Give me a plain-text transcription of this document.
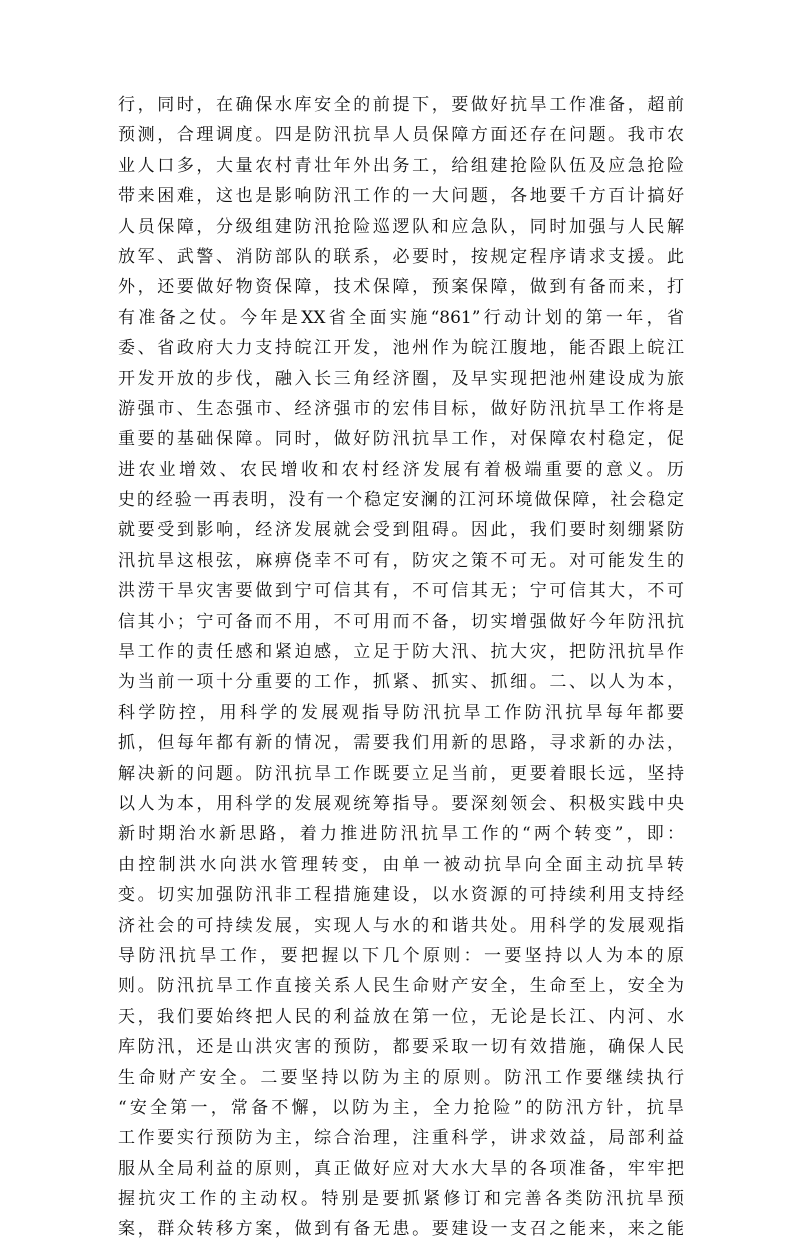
行，同时，在确保水库安全的前提下，要做好抗旱工作准备，超前
预测，合理调度。四是防汛抗旱人员保障方面还存在问题。我市农
业人口多，大量农村青壮年外出务工，给组建抢险队伍及应急抢险
带来困难，这也是影响防汛工作的一大问题，各地要千方百计搞好
人员保障，分级组建防汛抢险巡逻队和应急队，同时加强与人民解
放军、武警、消防部队的联系，必要时，按规定程序请求支援。此
外，还要做好物资保障，技术保障，预案保障，做到有备而来，打
有准备之仗。今年是XX省全面实施“861”行动计划的第一年，省
委、省政府大力支持皖江开发，池州作为皖江腹地，能否跟上皖江
开发开放的步伐，融入长三角经济圈，及早实现把池州建设成为旅
游强市、生态强市、经济强市的宏伟目标，做好防汛抗旱工作将是
重要的基础保障。同时，做好防汛抗旱工作，对保障农村稳定，促
进农业增效、农民增收和农村经济发展有着极端重要的意义。历
史的经验一再表明，没有一个稳定安澜的江河环境做保障，社会稳定
就要受到影响，经济发展就会受到阻碍。因此，我们要时刻绷紧防
汛抗旱这根弦，麻痹侥幸不可有，防灾之策不可无。对可能发生的
洪涝干旱灾害要做到宁可信其有，不可信其无；宁可信其大，不可
信其小；宁可备而不用，不可用而不备，切实增强做好今年防汛抗
旱工作的责任感和紧迫感，立足于防大汛、抗大灾，把防汛抗旱作
为当前一项十分重要的工作，抓紧、抓实、抓细。二、以人为本，
科学防控，用科学的发展观指导防汛抗旱工作防汛抗旱每年都要
抓，但每年都有新的情况，需要我们用新的思路，寻求新的办法，
解决新的问题。防汛抗旱工作既要立足当前，更要着眼长远，坚持
以人为本，用科学的发展观统筹指导。要深刻领会、积极实践中央
新时期治水新思路，着力推进防汛抗旱工作的“两个转变”，即：
由控制洪水向洪水管理转变，由单一被动抗旱向全面主动抗旱转
变。切实加强防汛非工程措施建设，以水资源的可持续利用支持经
济社会的可持续发展，实现人与水的和谐共处。用科学的发展观指
导防汛抗旱工作，要把握以下几个原则：一要坚持以人为本的原
则。防汛抗旱工作直接关系人民生命财产安全，生命至上，安全为
天，我们要始终把人民的利益放在第一位，无论是长江、内河、水
库防汛，还是山洪灾害的预防，都要采取一切有效措施，确保人民
生命财产安全。二要坚持以防为主的原则。防汛工作要继续执行
“安全第一，常备不懈，以防为主，全力抢险”的防汛方针，抗旱
工作要实行预防为主，综合治理，注重科学，讲求效益，局部利益
服从全局利益的原则，真正做好应对大水大旱的各项准备，牢牢把
握抗灾工作的主动权。特别是要抓紧修订和完善各类防汛抗旱预
案，群众转移方案，做到有备无患。要建设一支召之能来，来之能
